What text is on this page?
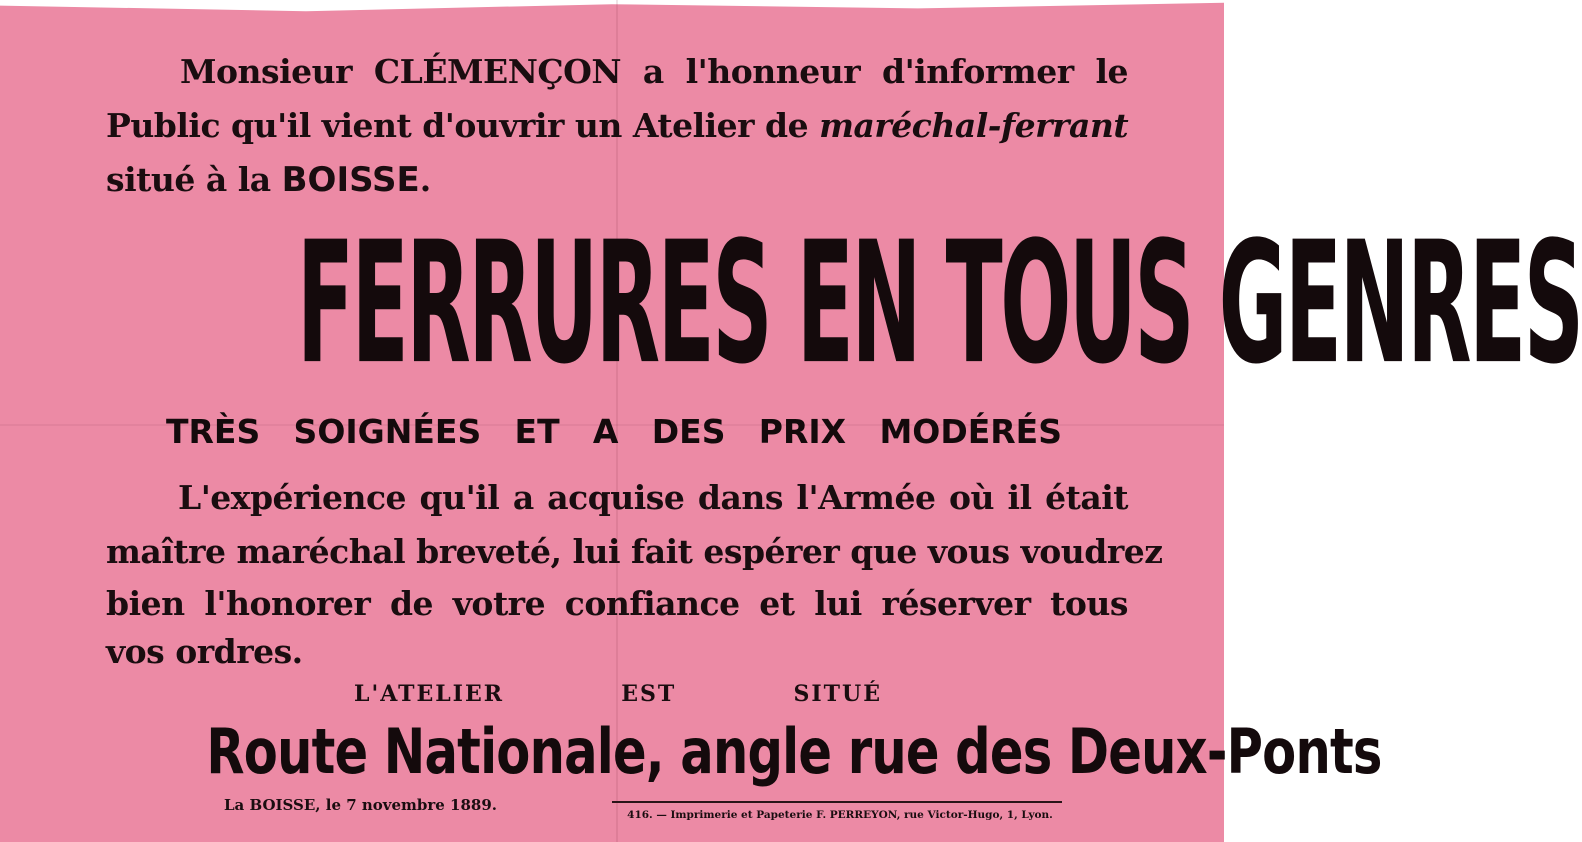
Monsieur CLÉMENÇON a l'honneur d'informer le
Public qu'il vient d'ouvrir un Atelier de maréchal-ferrant
situé à la BOISSE.
FERRURES EN TOUS GENRES
TRÈS SOIGNÉES ET A DES PRIX MODÉRÉS
L'expérience qu'il a acquise dans l'Armée où il était
maître maréchal breveté, lui fait espérer que vous voudrez
bien l'honorer de votre confiance et lui réserver tous
vos ordres.
L'ATELIER EST SITUÉ
Route Nationale, angle rue des Deux-Ponts
La BOISSE, le 7 novembre 1889.
416. — Imprimerie et Papeterie F. PERREYON, rue Victor-Hugo, 1, Lyon.
